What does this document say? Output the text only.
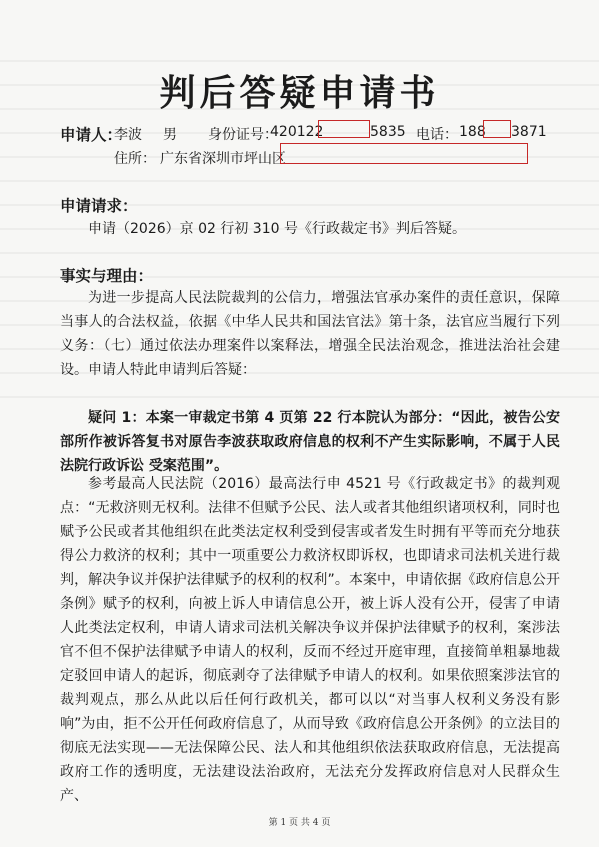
判后答疑申请书
申请人：
李波 男 身份证号：
420122	5835 电话： 188 3871
住所： 广东省深圳市坪山区
申请请求：
申请（2026）京 02 行初 310 号《行政裁定书》判后答疑。
事实与理由：
为进一步提高人民法院裁判的公信力，增强法官承办案件的责任意识，保障当事人的合法权益，依据《中华人民共和国法官法》第十条，法官应当履行下列义务：（七）通过依法办理案件以案释法，增强全民法治观念，推进法治社会建设。申请人特此申请判后答疑：
疑问 1：本案一审裁定书第 4 页第 22 行本院认为部分：“因此，被告公安部所作被诉答复书对原告李波获取政府信息的权利不产生实际影响，不属于人民法院行政诉讼 受案范围”。
参考最高人民法院（2016）最高法行申 4521 号《行政裁定书》的裁判观点：“无救济则无权利。法律不但赋予公民、法人或者其他组织诸项权利，同时也赋予公民或者其他组织在此类法定权利受到侵害或者发生时拥有平等而充分地获得公力救济的权利；其中一项重要公力救济权即诉权，也即请求司法机关进行裁判，解决争议并保护法律赋予的权利的权利”。本案中，申请依据《政府信息公开条例》赋予的权利，向被上诉人申请信息公开，被上诉人没有公开，侵害了申请人此类法定权利，申请人请求司法机关解决争议并保护法律赋予的权利，案涉法官不但不保护法律赋予申请人的权利，反而不经过开庭审理，直接简单粗暴地裁定驳回申请人的起诉，彻底剥夺了法律赋予申请人的权利。如果依照案涉法官的裁判观点，那么从此以后任何行政机关，都可以以“对当事人权利义务没有影响”为由，拒不公开任何政府信息了，从而导致《政府信息公开条例》的立法目的彻底无法实现——无法保障公民、法人和其他组织依法获取政府信息，无法提高政府工作的透明度，无法建设法治政府，无法充分发挥政府信息对人民群众生产、
第 1 页 共 4 页
